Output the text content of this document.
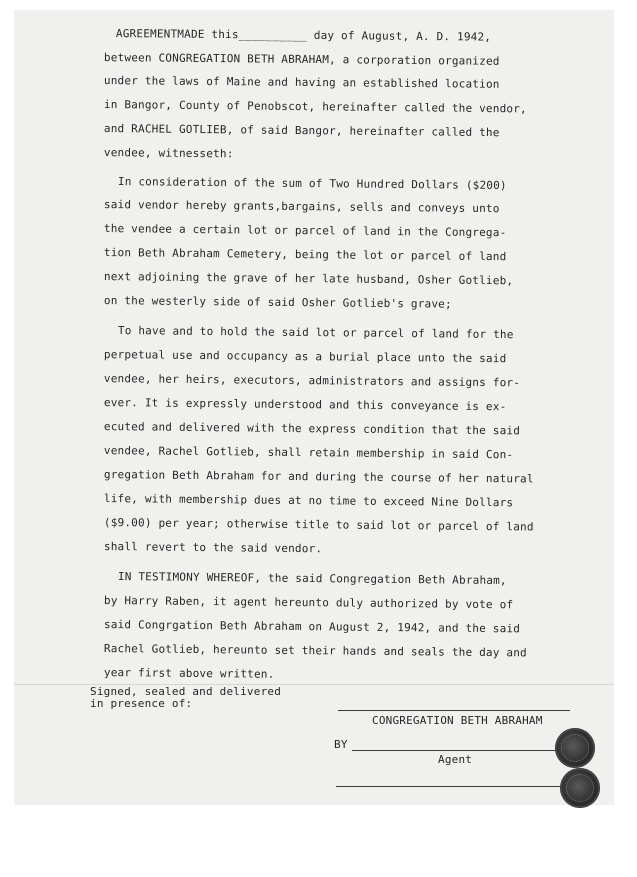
AGREEMENTMADE this__________ day of August, A. D. 1942,
between CONGREGATION BETH ABRAHAM, a corporation organized
under the laws of Maine and having an established location
in Bangor, County of Penobscot, hereinafter called the vendor,
and RACHEL GOTLIEB, of said Bangor, hereinafter called the
vendee, witnesseth:
In consideration of the sum of Two Hundred Dollars ($200)
said vendor hereby grants,bargains, sells and conveys unto
the vendee a certain lot or parcel of land in the Congrega-
tion Beth Abraham Cemetery, being the lot or parcel of land
next adjoining the grave of her late husband, Osher Gotlieb,
on the westerly side of said Osher Gotlieb's grave;
To have and to hold the said lot or parcel of land for the
perpetual use and occupancy as a burial place unto the said
vendee, her heirs, executors, administrators and assigns for-
ever. It is expressly understood and this conveyance is ex-
ecuted and delivered with the express condition that the said
vendee, Rachel Gotlieb, shall retain membership in said Con-
gregation Beth Abraham for and during the course of her natural
life, with membership dues at no time to exceed Nine Dollars
($9.00) per year; otherwise title to said lot or parcel of land
shall revert to the said vendor.
IN TESTIMONY WHEREOF, the said Congregation Beth Abraham,
by Harry Raben, it agent hereunto duly authorized by vote of
said Congrgation Beth Abraham on August 2, 1942, and the said
Rachel Gotlieb, hereunto set their hands and seals the day and
year first above written.
Signed, sealed and delivered
in presence of:
CONGREGATION BETH ABRAHAM
BY
Agent
